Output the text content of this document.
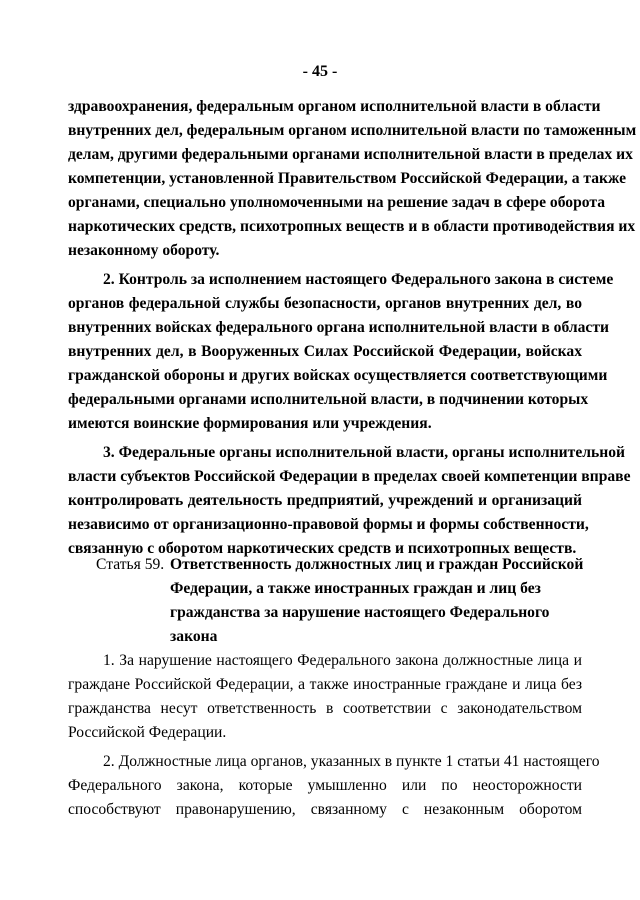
- 45 -
здравоохранения, федеральным органом исполнительной власти в области
внутренних дел, федеральным органом исполнительной власти по таможенным
делам, другими федеральными органами исполнительной власти в пределах их
компетенции, установленной Правительством Российской Федерации, а также
органами, специально уполномоченными на решение задач в сфере оборота
наркотических средств, психотропных веществ и в области противодействия их
незаконному обороту.
2. Контроль за исполнением настоящего Федерального закона в системе
органов федеральной службы безопасности, органов внутренних дел, во
внутренних войсках федерального органа исполнительной власти в области
внутренних дел, в Вооруженных Силах Российской Федерации, войсках
гражданской обороны и других войсках осуществляется соответствующими
федеральными органами исполнительной власти, в подчинении которых
имеются воинские формирования или учреждения.
3. Федеральные органы исполнительной власти, органы исполнительной
власти субъектов Российской Федерации в пределах своей компетенции вправе
контролировать деятельность предприятий, учреждений и организаций
независимо от организационно-правовой формы и формы собственности,
связанную с оборотом наркотических средств и психотропных веществ.
Статья 59. Ответственность должностных лиц и граждан Российской
Федерации, а также иностранных граждан и лиц без
гражданства за нарушение настоящего Федерального
закона
1. За нарушение настоящего Федерального закона должностные лица и
граждане Российской Федерации, а также иностранные граждане и лица без
гражданства несут ответственность в соответствии с законодательством
Российской Федерации.
2. Должностные лица органов, указанных в пункте 1 статьи 41 настоящего
Федерального закона, которые умышленно или по неосторожности
способствуют правонарушению, связанному с незаконным оборотом
